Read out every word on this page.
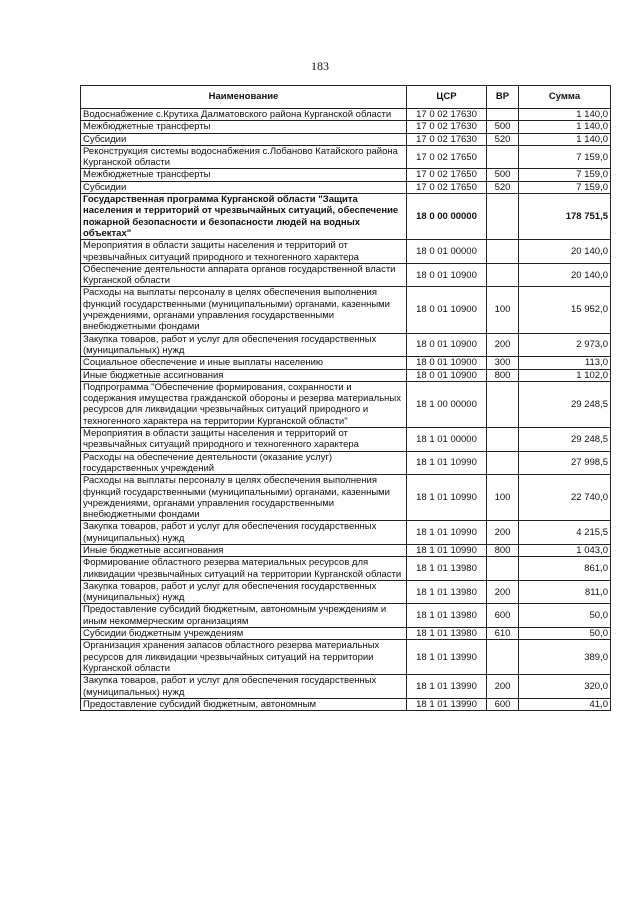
183
Наименование	ЦСР	ВР	Сумма
Водоснабжение с.Крутиха Далматовского района Курганской области	17 0 02 17630		1 140,0
Межбюджетные трансферты	17 0 02 17630	500	1 140,0
Субсидии	17 0 02 17630	520	1 140,0
Реконструкция системы водоснабжения с.Лобаново Катайского района Курганской области	17 0 02 17650		7 159,0
Межбюджетные трансферты	17 0 02 17650	500	7 159,0
Субсидии	17 0 02 17650	520	7 159,0
Государственная программа Курганской области "Защита населения и территорий от чрезвычайных ситуаций, обеспечение пожарной безопасности и безопасности людей на водных объектах"	18 0 00 00000		178 751,5
Мероприятия в области защиты населения и территорий от чрезвычайных ситуаций природного и техногенного характера	18 0 01 00000		20 140,0
Обеспечение деятельности аппарата органов государственной власти Курганской области	18 0 01 10900		20 140,0
Расходы на выплаты персоналу в целях обеспечения выполнения функций государственными (муниципальными) органами, казенными учреждениями, органами управления государственными внебюджетными фондами	18 0 01 10900	100	15 952,0
Закупка товаров, работ и услуг для обеспечения государственных (муниципальных) нужд	18 0 01 10900	200	2 973,0
Социальное обеспечение и иные выплаты населению	18 0 01 10900	300	113,0
Иные бюджетные ассигнования	18 0 01 10900	800	1 102,0
Подпрограмма "Обеспечение формирования, сохранности и содержания имущества гражданской обороны и резерва материальных ресурсов для ликвидации чрезвычайных ситуаций природного и техногенного характера на территории Курганской области"	18 1 00 00000		29 248,5
Мероприятия в области защиты населения и территорий от чрезвычайных ситуаций природного и техногенного характера	18 1 01 00000		29 248,5
Расходы на обеспечение деятельности (оказание услуг) государственных учреждений	18 1 01 10990		27 998,5
Расходы на выплаты персоналу в целях обеспечения выполнения функций государственными (муниципальными) органами, казенными учреждениями, органами управления государственными внебюджетными фондами	18 1 01 10990	100	22 740,0
Закупка товаров, работ и услуг для обеспечения государственных (муниципальных) нужд	18 1 01 10990	200	4 215,5
Иные бюджетные ассигнования	18 1 01 10990	800	1 043,0
Формирование областного резерва материальных ресурсов для ликвидации чрезвычайных ситуаций на территории Курганской области	18 1 01 13980		861,0
Закупка товаров, работ и услуг для обеспечения государственных (муниципальных) нужд	18 1 01 13980	200	811,0
Предоставление субсидий бюджетным, автономным учреждениям и иным некоммерческим организациям	18 1 01 13980	600	50,0
Субсидии бюджетным учреждениям	18 1 01 13980	610	50,0
Организация хранения запасов областного резерва материальных ресурсов для ликвидации чрезвычайных ситуаций на территории Курганской области	18 1 01 13990		389,0
Закупка товаров, работ и услуг для обеспечения государственных (муниципальных) нужд	18 1 01 13990	200	320,0
Предоставление субсидий бюджетным, автономным	18 1 01 13990	600	41,0
